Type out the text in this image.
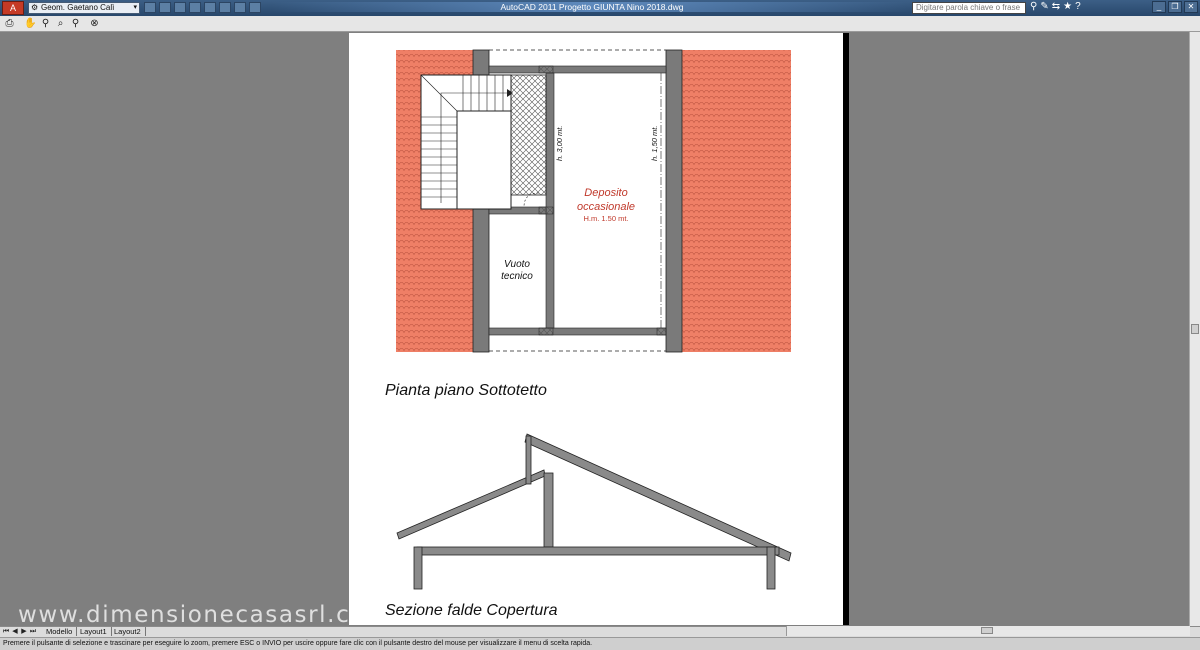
A	⚙ Geom. Gaetano Calì	▾	AutoCAD 2011 Progetto GIUNTA Nino 2018.dwg	Digitare parola chiave o frase ⚲ ✎ ⇆ ★ ?	_	❐	✕
⎙ ✋ ⚲ ⌕ ⚲ ⊗
h. 3,00 mt.	h. 1,50 mt.
Deposito
occasionale
H.m. 1.50 mt.
Vuoto
tecnico
Pianta piano Sottotetto
Sezione falde Copertura
⏮ ◀ ▶ ⏭	Modello	Layout1 Layout2
Premere il pulsante di selezione e trascinare per eseguire lo zoom, premere ESC o INVIO per uscire oppure fare clic con il pulsante destro del mouse per visualizzare il menu di scelta rapida.
www.dimensionecasasrl.co
